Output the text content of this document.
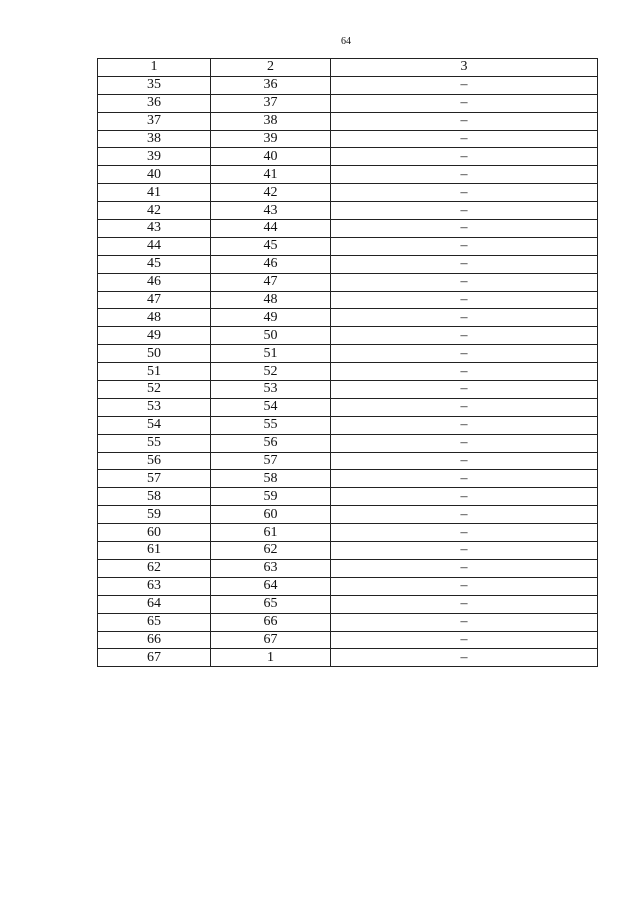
64
1	2	3
35	36	–
36	37	–
37	38	–
38	39	–
39	40	–
40	41	–
41	42	–
42	43	–
43	44	–
44	45	–
45	46	–
46	47	–
47	48	–
48	49	–
49	50	–
50	51	–
51	52	–
52	53	–
53	54	–
54	55	–
55	56	–
56	57	–
57	58	–
58	59	–
59	60	–
60	61	–
61	62	–
62	63	–
63	64	–
64	65	–
65	66	–
66	67	–
67	1	–
